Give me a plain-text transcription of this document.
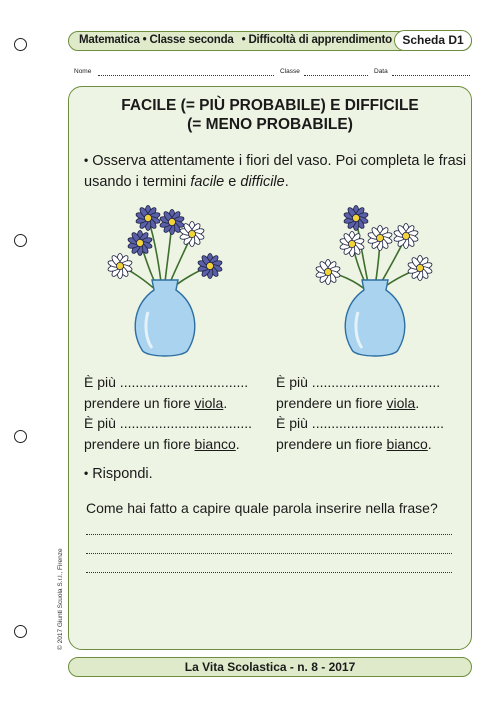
Matematica • Classe seconda • Difficoltà di apprendimento Scheda D1
Nome	Classe	Data
FACILE (= PIÙ PROBABILE) E DIFFICILE
(= MENO PROBABILE)
• Osserva attentamente i fiori del vaso. Poi completa le frasi usando i termini facile e difficile.
È più .................................
prendere un fiore viola.
È più ..................................
prendere un fiore bianco.
È più .................................
prendere un fiore viola.
È più ..................................
prendere un fiore bianco.
• Rispondi.
Come hai fatto a capire quale parola inserire nella frase?
© 2017 Giunti Scuola S.r.l., Firenze
La Vita Scolastica - n. 8 - 2017
